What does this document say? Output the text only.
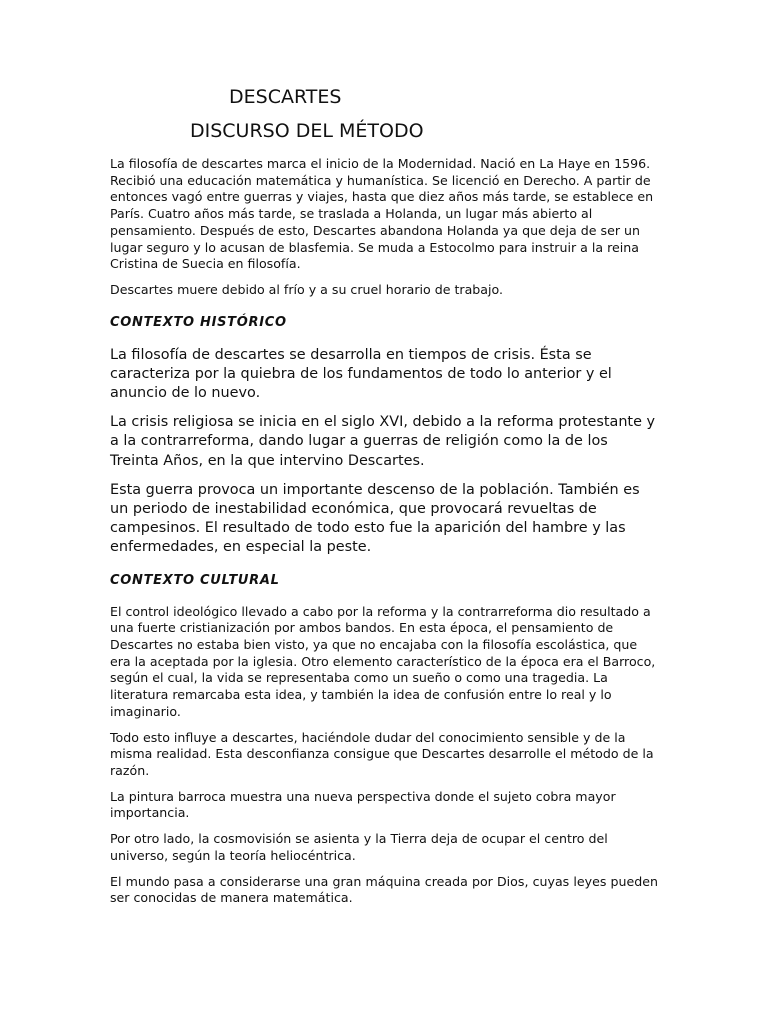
DESCARTES
DISCURSO DEL MÉTODO

La filosofía de descartes marca el inicio de la Modernidad. Nació en La Haye en 1596. Recibió una educación matemática y humanística. Se licenció en Derecho. A partir de entonces vagó entre guerras y viajes, hasta que diez años más tarde, se establece en París. Cuatro años más tarde, se traslada a Holanda, un lugar más abierto al pensamiento. Después de esto, Descartes abandona Holanda ya que deja de ser un lugar seguro y lo acusan de blasfemia. Se muda a Estocolmo para instruir a la reina Cristina de Suecia en filosofía.

Descartes muere debido al frío y a su cruel horario de trabajo.

CONTEXTO HISTÓRICO

La filosofía de descartes se desarrolla en tiempos de crisis. Ésta se caracteriza por la quiebra de los fundamentos de todo lo anterior y el anuncio de lo nuevo.

La crisis religiosa se inicia en el siglo XVI, debido a la reforma protestante y a la contrarreforma, dando lugar a guerras de religión como la de los Treinta Años, en la que intervino Descartes.

Esta guerra provoca un importante descenso de la población. También es un periodo de inestabilidad económica, que provocará revueltas de campesinos. El resultado de todo esto fue la aparición del hambre y las enfermedades, en especial la peste.

CONTEXTO CULTURAL

El control ideológico llevado a cabo por la reforma y la contrarreforma dio resultado a una fuerte cristianización por ambos bandos. En esta época, el pensamiento de Descartes no estaba bien visto, ya que no encajaba con la filosofía escolástica, que era la aceptada por la iglesia. Otro elemento característico de la época era el Barroco, según el cual, la vida se representaba como un sueño o como una tragedia. La literatura remarcaba esta idea, y también la idea de confusión entre lo real y lo imaginario.

Todo esto influye a descartes, haciéndole dudar del conocimiento sensible y de la misma realidad. Esta desconfianza consigue que Descartes desarrolle el método de la razón.

La pintura barroca muestra una nueva perspectiva donde el sujeto cobra mayor importancia.

Por otro lado, la cosmovisión se asienta y la Tierra deja de ocupar el centro del universo, según la teoría heliocéntrica.

El mundo pasa a considerarse una gran máquina creada por Dios, cuyas leyes pueden ser conocidas de manera matemática.
